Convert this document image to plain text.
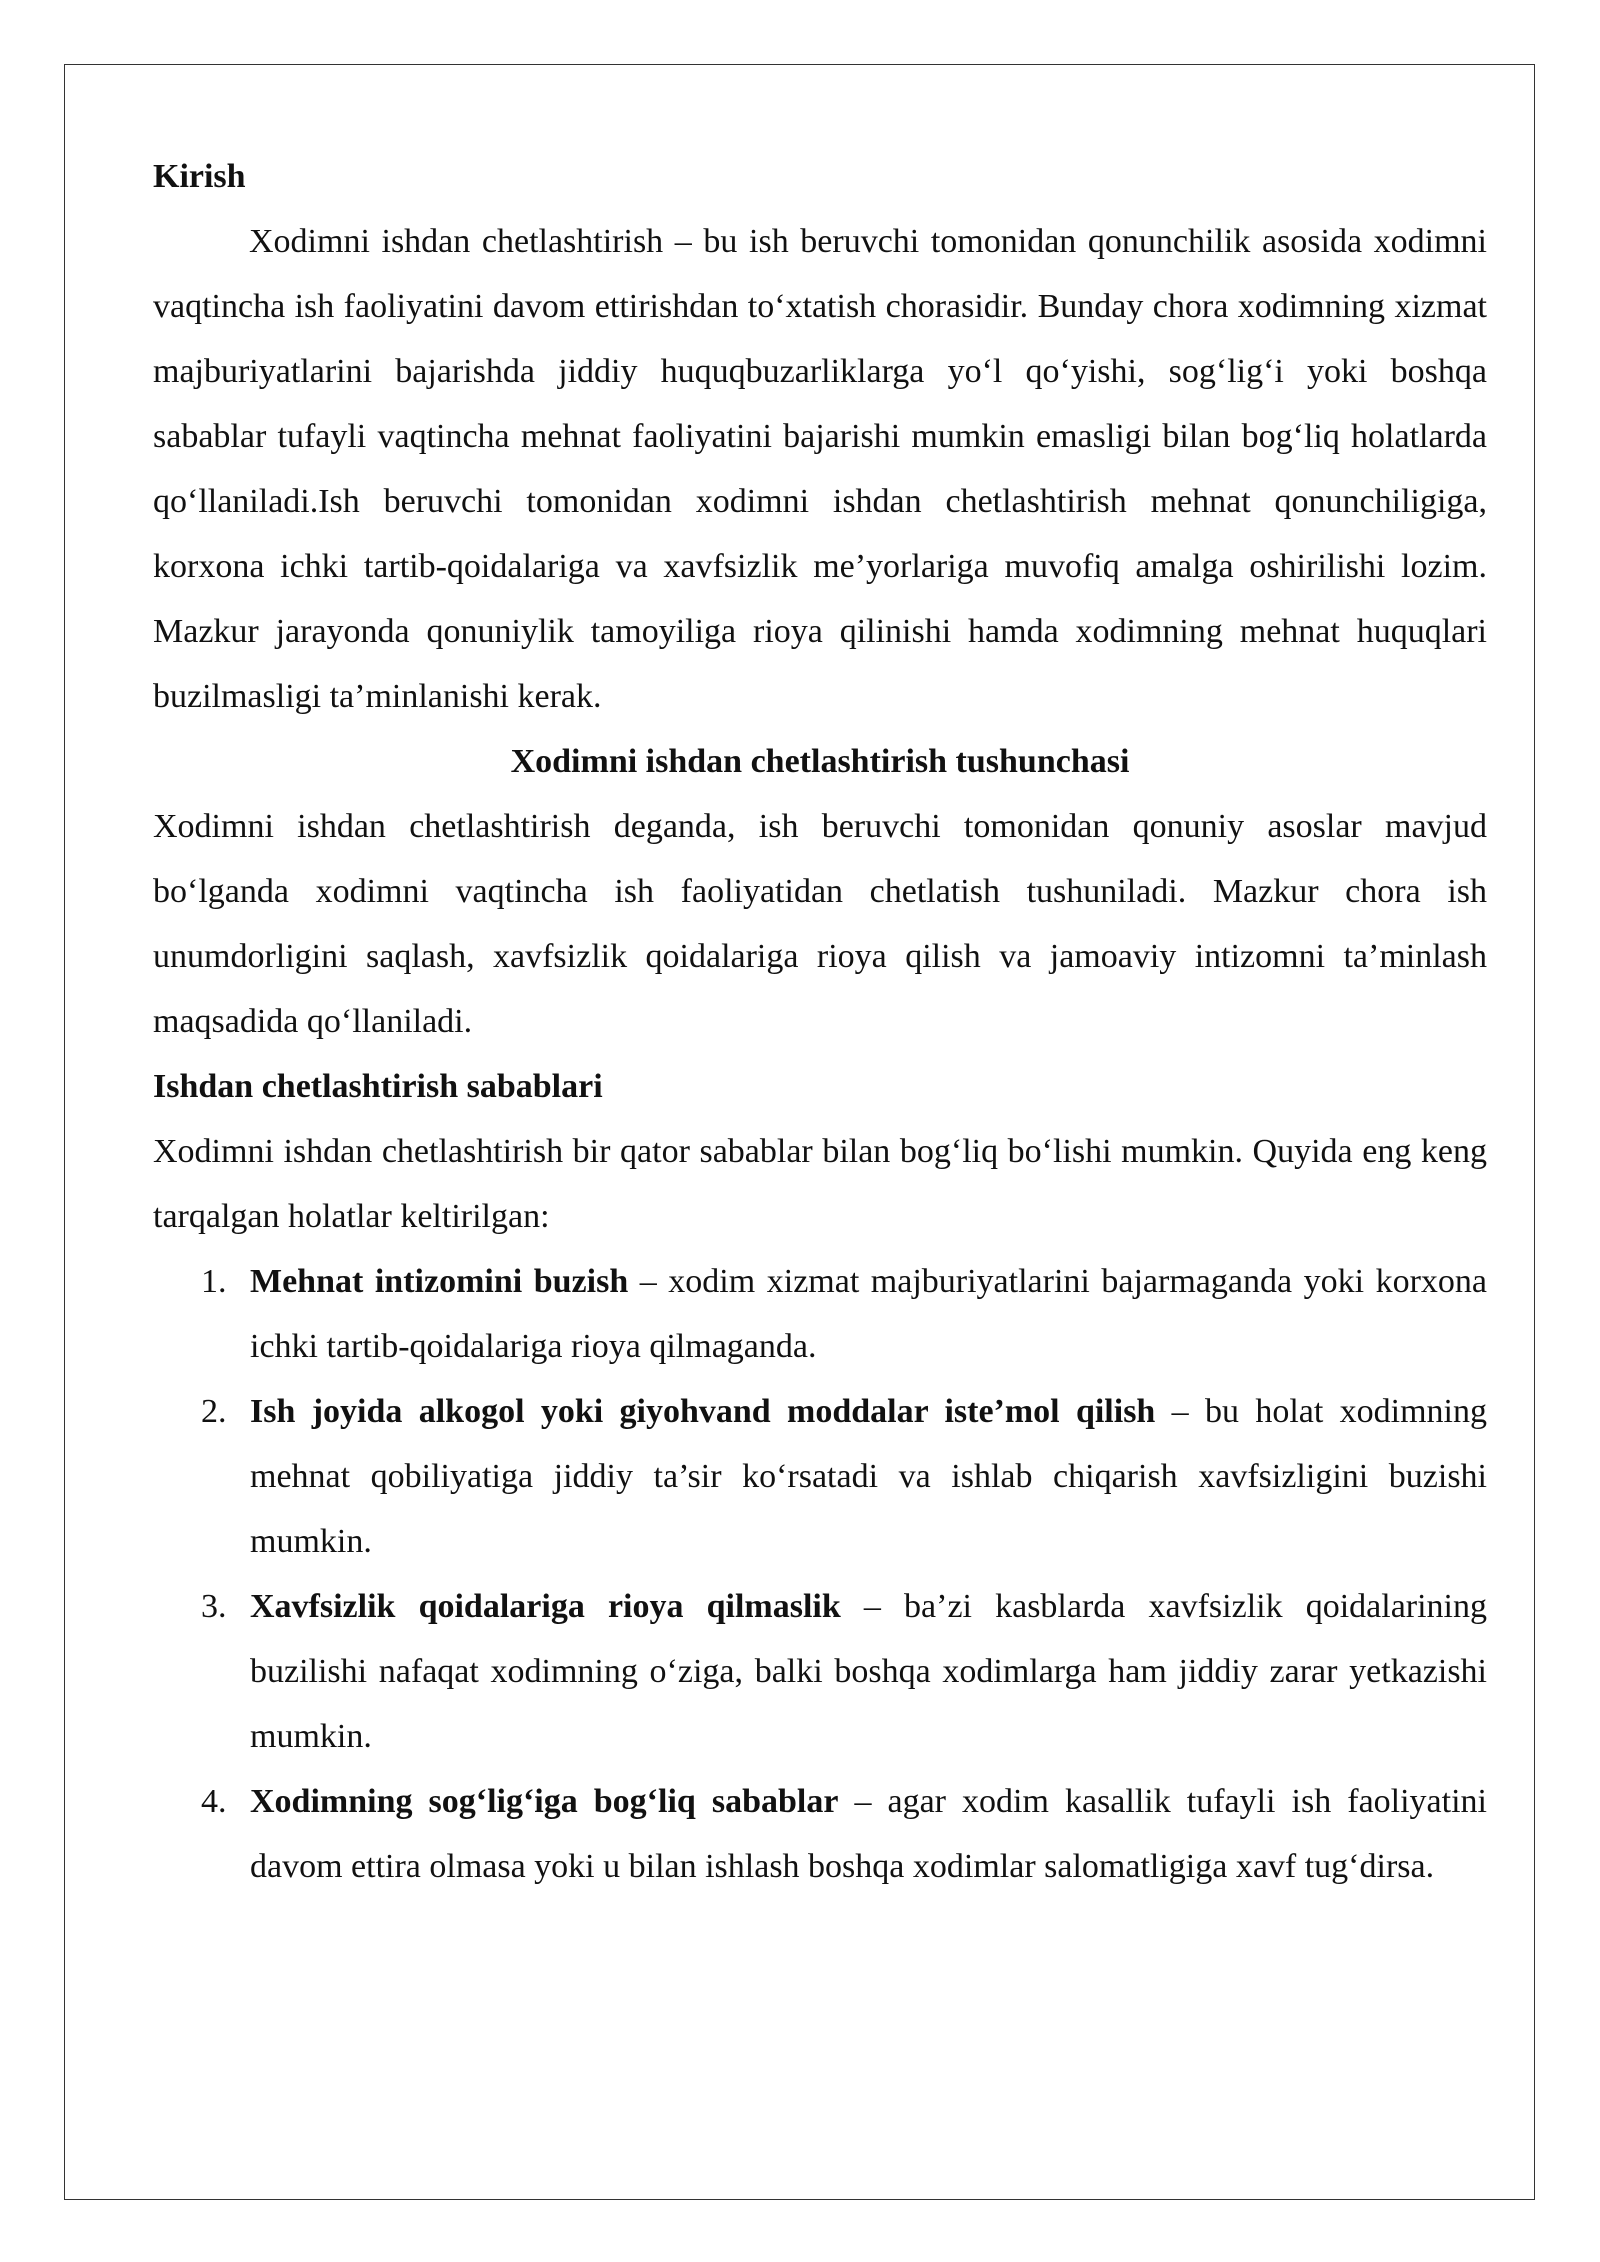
Kirish

Xodimni ishdan chetlashtirish – bu ish beruvchi tomonidan qonunchilik asosida xodimni vaqtincha ish faoliyatini davom ettirishdan to‘xtatish chorasidir. Bunday chora xodimning xizmat majburiyatlarini bajarishda jiddiy huquqbuzarliklarga yo‘l qo‘yishi, sog‘lig‘i yoki boshqa sabablar tufayli vaqtincha mehnat faoliyatini bajarishi mumkin emasligi bilan bog‘liq holatlarda qo‘llaniladi.Ish beruvchi tomonidan xodimni ishdan chetlashtirish mehnat qonunchiligiga, korxona ichki tartib-qoidalariga va xavfsizlik me’yorlariga muvofiq amalga oshirilishi lozim. Mazkur jarayonda qonuniylik tamoyiliga rioya qilinishi hamda xodimning mehnat huquqlari buzilmasligi ta’minlanishi kerak.

Xodimni ishdan chetlashtirish tushunchasi

Xodimni ishdan chetlashtirish deganda, ish beruvchi tomonidan qonuniy asoslar mavjud bo‘lganda xodimni vaqtincha ish faoliyatidan chetlatish tushuniladi. Mazkur chora ish unumdorligini saqlash, xavfsizlik qoidalariga rioya qilish va jamoaviy intizomni ta’minlash maqsadida qo‘llaniladi.

Ishdan chetlashtirish sabablari

Xodimni ishdan chetlashtirish bir qator sabablar bilan bog‘liq bo‘lishi mumkin. Quyida eng keng tarqalgan holatlar keltirilgan:

1. Mehnat intizomini buzish – xodim xizmat majburiyatlarini bajarmaganda yoki korxona ichki tartib-qoidalariga rioya qilmaganda.
2. Ish joyida alkogol yoki giyohvand moddalar iste’mol qilish – bu holat xodimning mehnat qobiliyatiga jiddiy ta’sir ko‘rsatadi va ishlab chiqarish xavfsizligini buzishi mumkin.
3. Xavfsizlik qoidalariga rioya qilmaslik – ba’zi kasblarda xavfsizlik qoidalarining buzilishi nafaqat xodimning o‘ziga, balki boshqa xodimlarga ham jiddiy zarar yetkazishi mumkin.
4. Xodimning sog‘lig‘iga bog‘liq sabablar – agar xodim kasallik tufayli ish faoliyatini davom ettira olmasa yoki u bilan ishlash boshqa xodimlar salomatligiga xavf tug‘dirsa.
